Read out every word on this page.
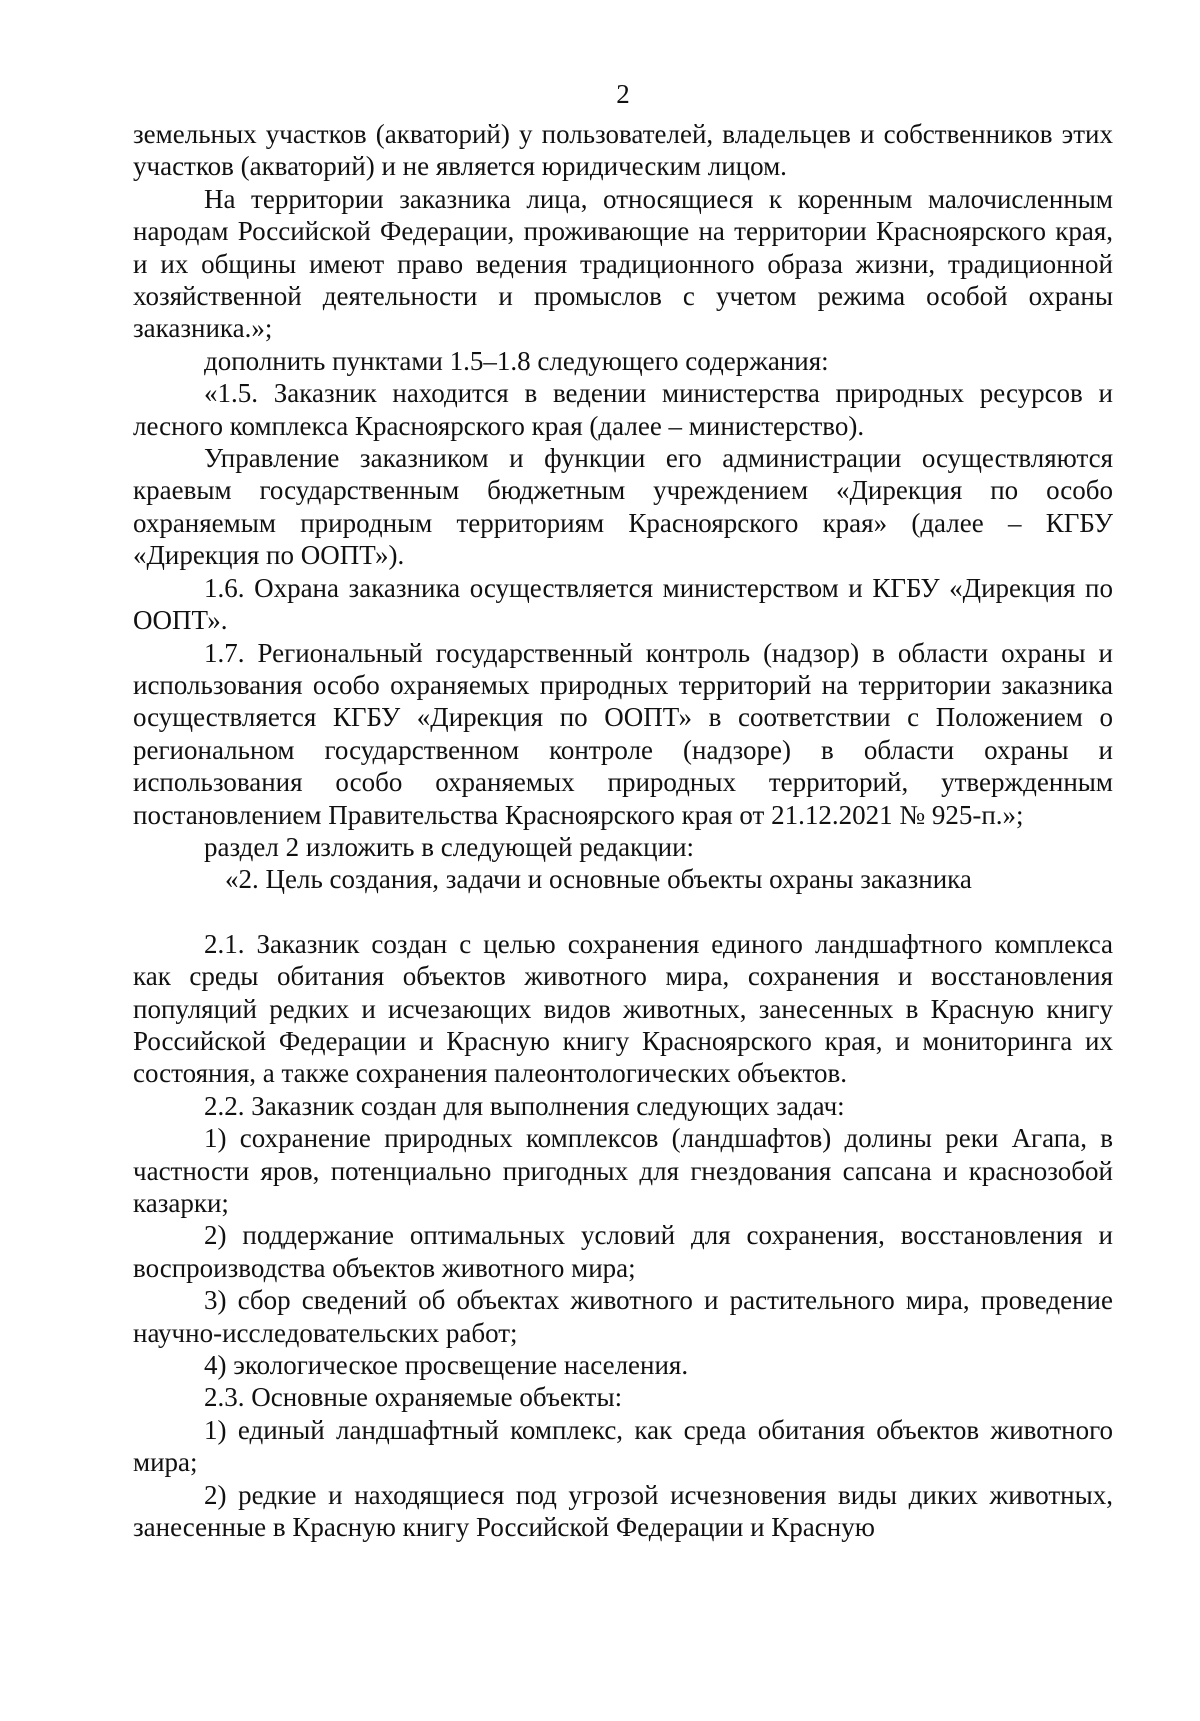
2

земельных участков (акваторий) у пользователей, владельцев и собственников этих участков (акваторий) и не является юридическим лицом.

На территории заказника лица, относящиеся к коренным малочисленным народам Российской Федерации, проживающие на территории Красноярского края, и их общины имеют право ведения традиционного образа жизни, традиционной хозяйственной деятельности и промыслов с учетом режима особой охраны заказника.»;

дополнить пунктами 1.5–1.8 следующего содержания:

«1.5. Заказник находится в ведении министерства природных ресурсов и лесного комплекса Красноярского края (далее – министерство).

Управление заказником и функции его администрации осуществляются краевым государственным бюджетным учреждением «Дирекция по особо охраняемым природным территориям Красноярского края» (далее – КГБУ «Дирекция по ООПТ»).

1.6. Охрана заказника осуществляется министерством и КГБУ «Дирекция по ООПТ».

1.7. Региональный государственный контроль (надзор) в области охраны и использования особо охраняемых природных территорий на территории заказника осуществляется КГБУ «Дирекция по ООПТ» в соответствии с Положением о региональном государственном контроле (надзоре) в области охраны и использования особо охраняемых природных территорий, утвержденным постановлением Правительства Красноярского края от 21.12.2021 № 925-п.»;

раздел 2 изложить в следующей редакции:

«2. Цель создания, задачи и основные объекты охраны заказника

2.1. Заказник создан с целью сохранения единого ландшафтного комплекса как среды обитания объектов животного мира, сохранения и восстановления популяций редких и исчезающих видов животных, занесенных в Красную книгу Российской Федерации и Красную книгу Красноярского края, и мониторинга их состояния, а также сохранения палеонтологических объектов.

2.2. Заказник создан для выполнения следующих задач:

1) сохранение природных комплексов (ландшафтов) долины реки Агапа, в частности яров, потенциально пригодных для гнездования сапсана и краснозобой казарки;

2) поддержание оптимальных условий для сохранения, восстановления и воспроизводства объектов животного мира;

3) сбор сведений об объектах животного и растительного мира, проведение научно-исследовательских работ;

4) экологическое просвещение населения.

2.3. Основные охраняемые объекты:

1) единый ландшафтный комплекс, как среда обитания объектов животного мира;

2) редкие и находящиеся под угрозой исчезновения виды диких животных, занесенные в Красную книгу Российской Федерации и Красную
